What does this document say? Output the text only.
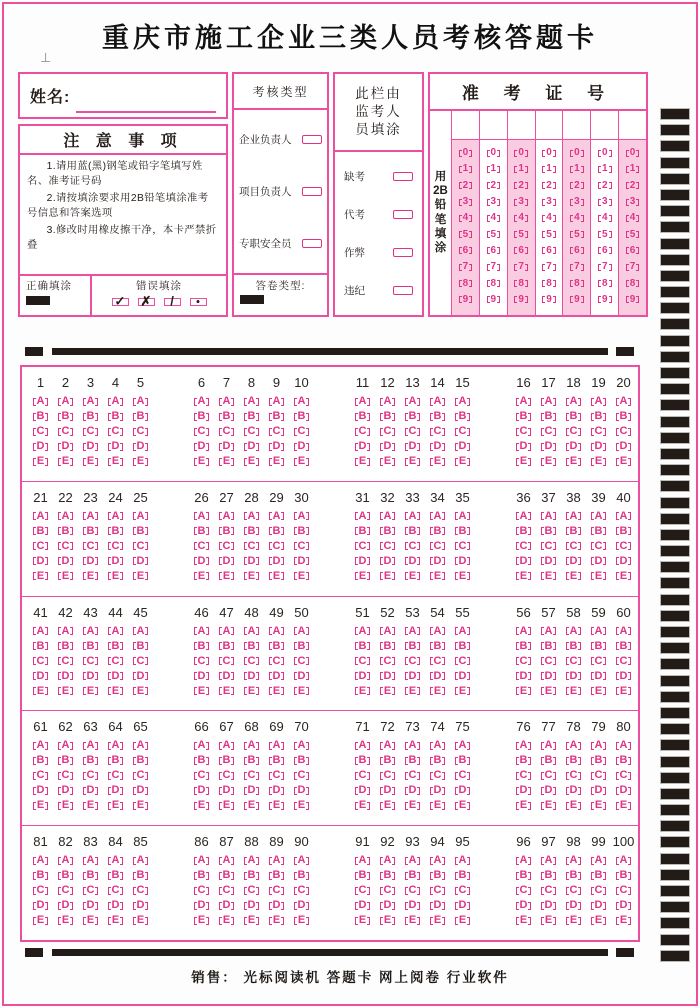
重庆市施工企业三类人员考核答题卡
⊥
姓名:
注 意 事 项

1.请用蓝(黑)钢笔或铅字笔填写姓名、准考证号码

2.请按填涂要求用2B铅笔填涂准考号信息和答案选项

3.修改时用橡皮擦干净，本卡严禁折叠

正确填涂	错误填涂
✓ ✗ /	●
考核类型
企业负责人
项目负责人
专职安全员
答卷类型:
此栏由
监考人
员填涂
缺考
代考
作弊
违纪
准 考 证 号
用
2B
铅
笔
填
涂
0
1
2
3
4
5
6
7
8
9
0
1
2
3
4
5
6
7
8
9
0
1
2
3
4
5
6
7
8
9
0
1
2
3
4
5
6
7
8
9
0
1
2
3
4
5
6
7
8
9
0
1
2
3
4
5
6
7
8
9
0
1
2
3
4
5
6
7
8
9
1
A
B
C
D
E
2
A
B
C
D
E
3
A
B
C
D
E
4
A
B
C
D
E
5
A
B
C
D
E
6
A
B
C
D
E
7
A
B
C
D
E
8
A
B
C
D
E
9
A
B
C
D
E
10
A
B
C
D
E
11
A
B
C
D
E
12
A
B
C
D
E
13
A
B
C
D
E
14
A
B
C
D
E
15
A
B
C
D
E
16
A
B
C
D
E
17
A
B
C
D
E
18
A
B
C
D
E
19
A
B
C
D
E
20
A
B
C
D
E
21
A
B
C
D
E
22
A
B
C
D
E
23
A
B
C
D
E
24
A
B
C
D
E
25
A
B
C
D
E
26
A
B
C
D
E
27
A
B
C
D
E
28
A
B
C
D
E
29
A
B
C
D
E
30
A
B
C
D
E
31
A
B
C
D
E
32
A
B
C
D
E
33
A
B
C
D
E
34
A
B
C
D
E
35
A
B
C
D
E
36
A
B
C
D
E
37
A
B
C
D
E
38
A
B
C
D
E
39
A
B
C
D
E
40
A
B
C
D
E
41
A
B
C
D
E
42
A
B
C
D
E
43
A
B
C
D
E
44
A
B
C
D
E
45
A
B
C
D
E
46
A
B
C
D
E
47
A
B
C
D
E
48
A
B
C
D
E
49
A
B
C
D
E
50
A
B
C
D
E
51
A
B
C
D
E
52
A
B
C
D
E
53
A
B
C
D
E
54
A
B
C
D
E
55
A
B
C
D
E
56
A
B
C
D
E
57
A
B
C
D
E
58
A
B
C
D
E
59
A
B
C
D
E
60
A
B
C
D
E
61
A
B
C
D
E
62
A
B
C
D
E
63
A
B
C
D
E
64
A
B
C
D
E
65
A
B
C
D
E
66
A
B
C
D
E
67
A
B
C
D
E
68
A
B
C
D
E
69
A
B
C
D
E
70
A
B
C
D
E
71
A
B
C
D
E
72
A
B
C
D
E
73
A
B
C
D
E
74
A
B
C
D
E
75
A
B
C
D
E
76
A
B
C
D
E
77
A
B
C
D
E
78
A
B
C
D
E
79
A
B
C
D
E
80
A
B
C
D
E
81
A
B
C
D
E
82
A
B
C
D
E
83
A
B
C
D
E
84
A
B
C
D
E
85
A
B
C
D
E
86
A
B
C
D
E
87
A
B
C
D
E
88
A
B
C
D
E
89
A
B
C
D
E
90
A
B
C
D
E
91
A
B
C
D
E
92
A
B
C
D
E
93
A
B
C
D
E
94
A
B
C
D
E
95
A
B
C
D
E
96
A
B
C
D
E
97
A
B
C
D
E
98
A
B
C
D
E
99
A
B
C
D
E
100
A
B
C
D
E
销售： 光标阅读机 答题卡 网上阅卷 行业软件
